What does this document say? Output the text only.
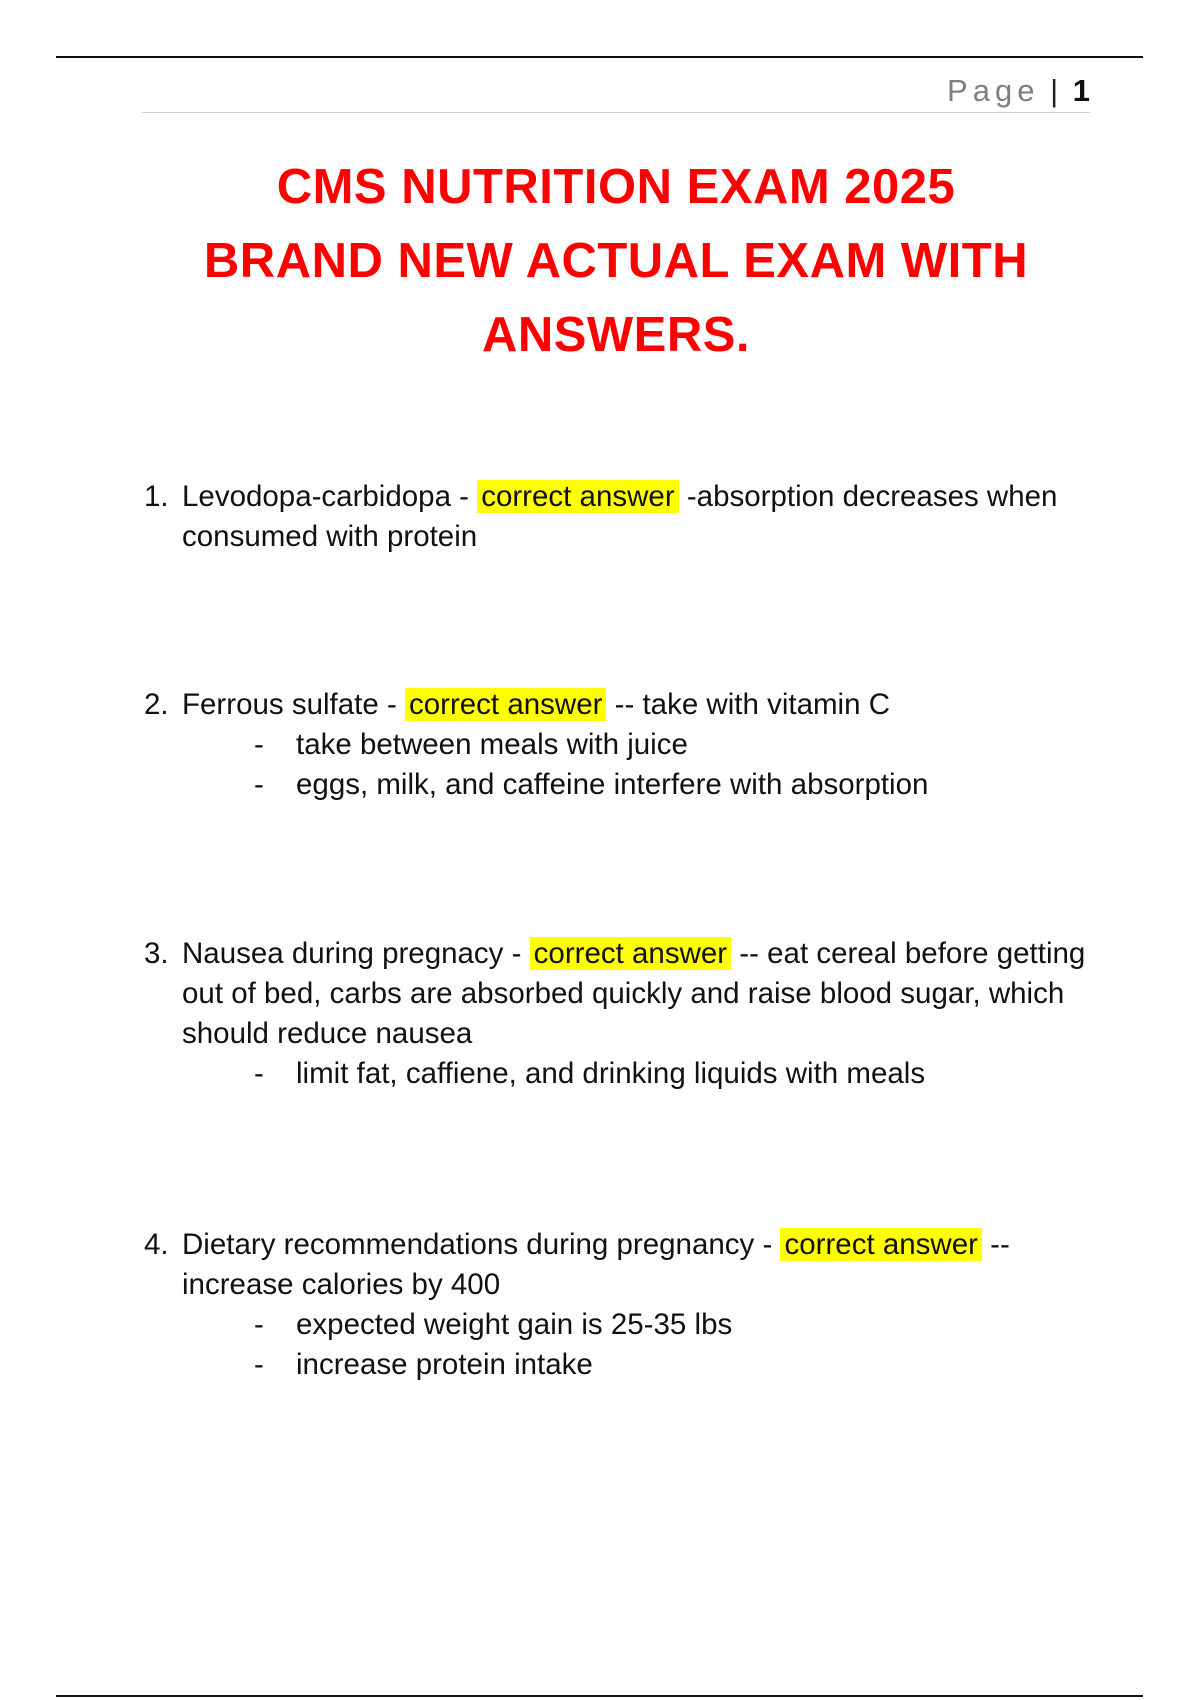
Page | 1
CMS NUTRITION EXAM 2025
BRAND NEW ACTUAL EXAM WITH
ANSWERS.
1. Levodopa-carbidopa - correct answer -absorption decreases when consumed with protein
2. Ferrous sulfate - correct answer -- take with vitamin C
-	take between meals with juice
-	eggs, milk, and caffeine interfere with absorption
3. Nausea during pregnacy - correct answer -- eat cereal before getting out of bed, carbs are absorbed quickly and raise blood sugar, which should reduce nausea
-	limit fat, caffiene, and drinking liquids with meals
4. Dietary recommendations during pregnancy - correct answer -- increase calories by 400
-	expected weight gain is 25-35 lbs
-	increase protein intake
